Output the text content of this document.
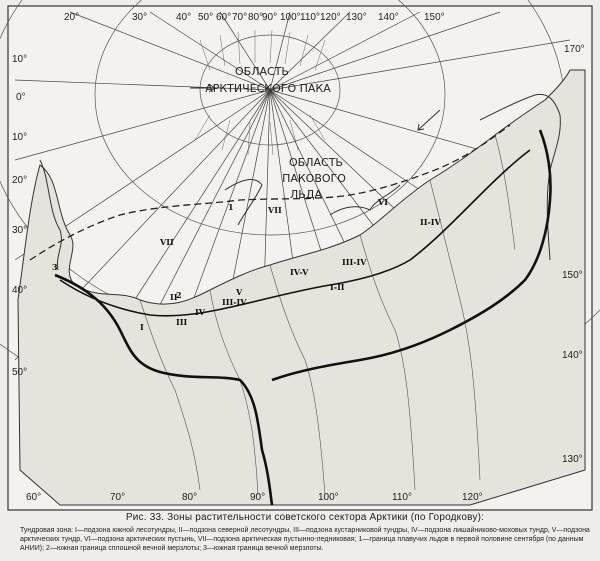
ОБЛАСТЬ
АРКТИЧЕСКОГО ПАКА
ОБЛАСТЬ
ПАКОВОГО
ЛЬДА
20°	30°	40° 50° 60° 70° 80°
90° 100° 110° 120° 130° 140°	150°
10°
0°
10°
20°
30°
40°
50°
170°
150°
140°
130°
60°	70°	80°	90°	100°	110°	120°
I
II
III
IV
V
VI
VII
II-IV
III-IV
IV-V
I-II
III-IV
VII
1
2
3

Рис. 33. Зоны растительности советского сектора Арктики (по Городкову):

Тундровая зона: I—подзона южной лесотундры, II—подзона северной лесотундры, III—подзона кустарниковой тундры, IV—подзона лишайниково-моховых тундр, V—подзона арктических тундр, VI—подзона арктических пустынь, VII—подзона арктическая пустынно-ледниковая; 1—граница плавучих льдов в первой половине сентября (по данным АНИИ); 2—южная граница сплошной вечной мерзлоты; 3—южная граница вечной мерзлоты.
